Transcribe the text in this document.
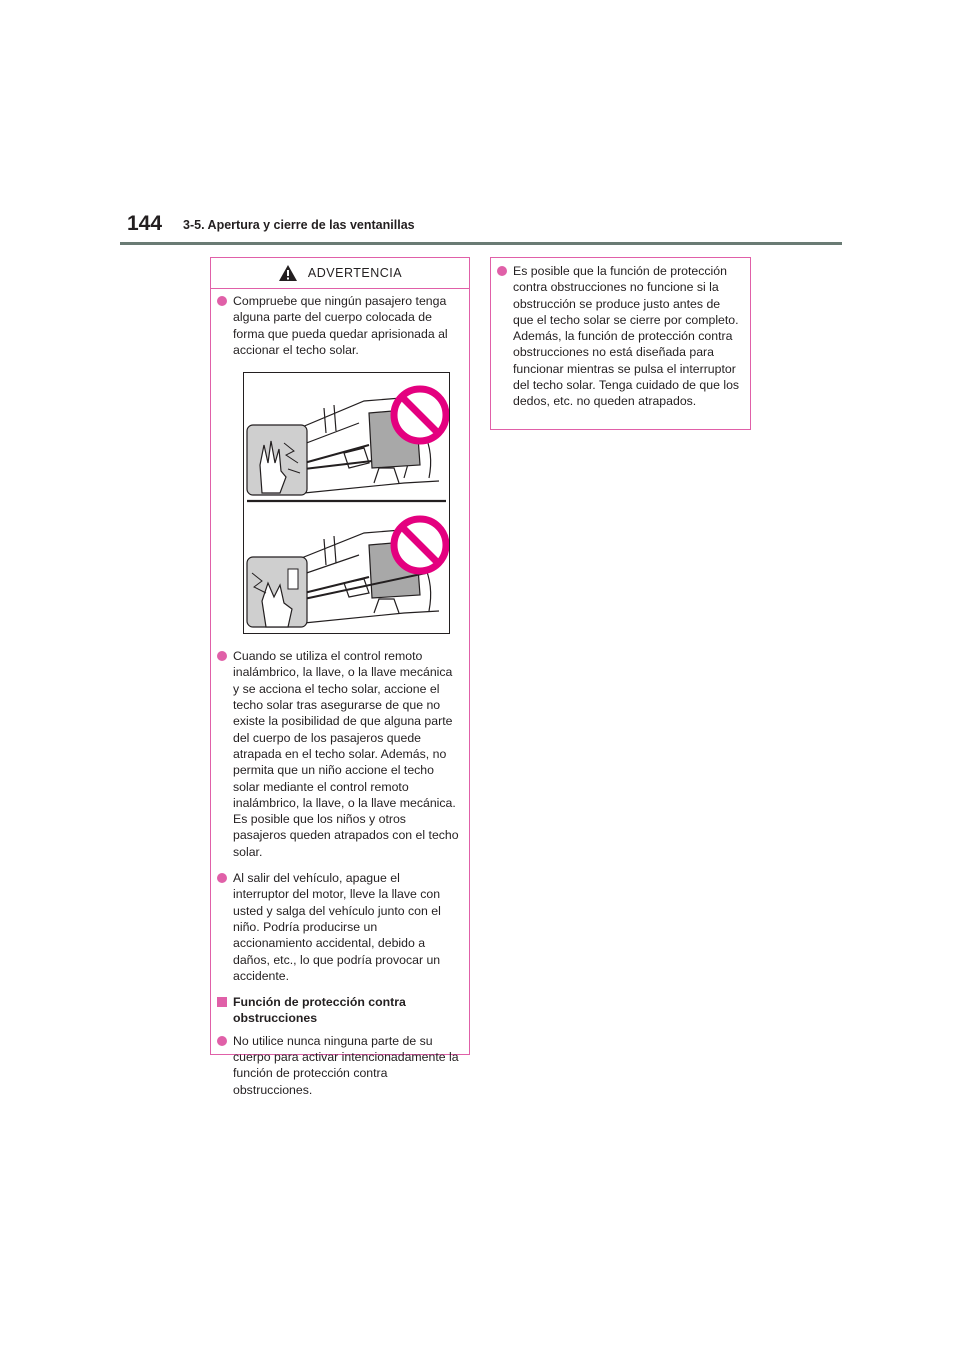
144 3-5. Apertura y cierre de las ventanillas
ADVERTENCIA
Compruebe que ningún pasajero tenga alguna parte del cuerpo colocada de forma que pueda quedar aprisionada al accionar el techo solar.
Cuando se utiliza el control remoto inalámbrico, la llave, o la llave mecánica y se acciona el techo solar, accione el techo solar tras asegurarse de que no existe la posibilidad de que alguna parte del cuerpo de los pasajeros quede atrapada en el techo solar. Además, no permita que un niño accione el techo solar mediante el control remoto inalámbrico, la llave, o la llave mecánica. Es posible que los niños y otros pasajeros queden atrapados con el techo solar.
Al salir del vehículo, apague el interruptor del motor, lleve la llave con usted y salga del vehículo junto con el niño. Podría producirse un accionamiento accidental, debido a daños, etc., lo que podría provocar un accidente.
Función de protección contra obstrucciones
No utilice nunca ninguna parte de su cuerpo para activar intencionadamente la función de protección contra obstrucciones.
Es posible que la función de protección contra obstrucciones no funcione si la obstrucción se produce justo antes de que el techo solar se cierre por completo. Además, la función de protección contra obstrucciones no está diseñada para funcionar mientras se pulsa el interruptor del techo solar. Tenga cuidado de que los dedos, etc. no queden atrapados.
